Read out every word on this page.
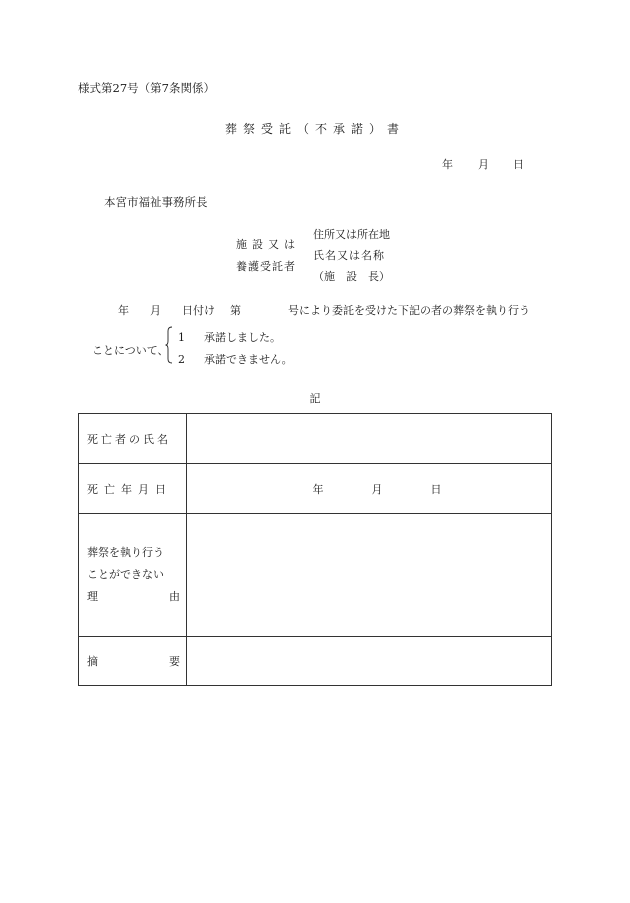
様式第27号（第7条関係）
葬祭受託（不承諾）書
年 月 日
本宮市福祉事務所長
施設又は
養護受託者
住所又は所在地
氏名又は名称
（施　設　長）
年 月 日付け 第	号により委託を受けた下記の者の葬祭を執り行う
ことについて、
1 承諾しました。
2 承諾できません。
記
死亡者の氏名	
死亡年月日	年 月 日

葬祭を執り行う
ことができない
理 由	

摘 要	
